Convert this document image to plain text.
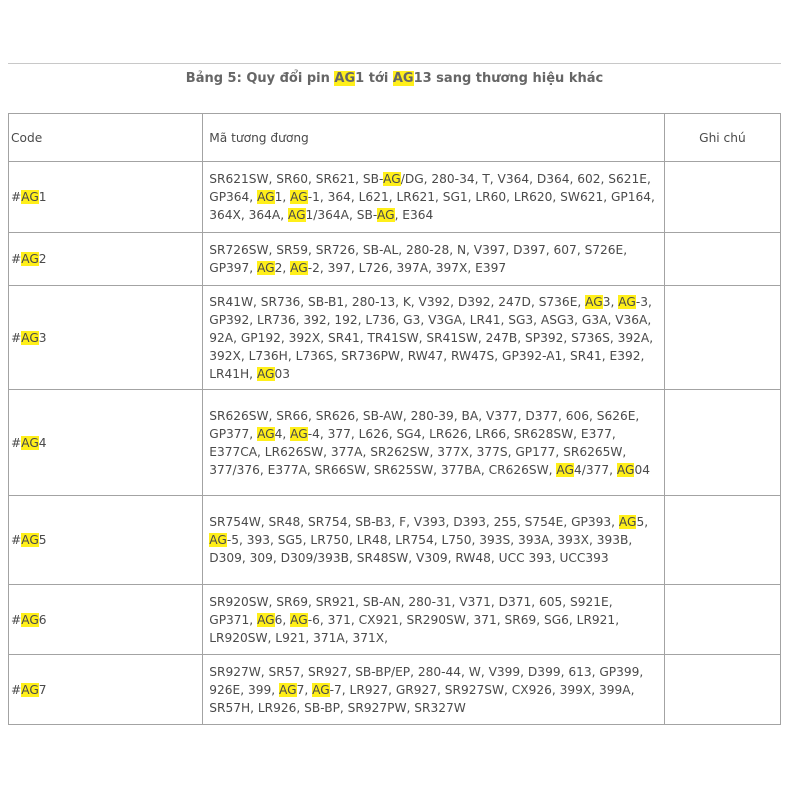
Bảng 5: Quy đổi pin AG1 tới AG13 sang thương hiệu khác
Code	Mã tương đương	Ghi chú
#AG1	SR621SW, SR60, SR621, SB-AG/DG, 280-34, T, V364, D364, 602, S621E, GP364, AG1, AG-1, 364, L621, LR621, SG1, LR60, LR620, SW621, GP164, 364X, 364A, AG1/364A, SB-AG, E364	
#AG2	SR726SW, SR59, SR726, SB-AL, 280-28, N, V397, D397, 607, S726E, GP397, AG2, AG-2, 397, L726, 397A, 397X, E397	
#AG3	SR41W, SR736, SB-B1, 280-13, K, V392, D392, 247D, S736E, AG3, AG-3, GP392, LR736, 392, 192, L736, G3, V3GA, LR41, SG3, ASG3, G3A, V36A, 92A, GP192, 392X, SR41, TR41SW, SR41SW, 247B, SP392, S736S, 392A, 392X, L736H, L736S, SR736PW, RW47, RW47S, GP392-A1, SR41, E392, LR41H, AG03	
#AG4	SR626SW, SR66, SR626, SB-AW, 280-39, BA, V377, D377, 606, S626E, GP377, AG4, AG-4, 377, L626, SG4, LR626, LR66, SR628SW, E377, E377CA, LR626SW, 377A, SR262SW, 377X, 377S, GP177, SR6265W, 377/376, E377A, SR66SW, SR625SW, 377BA, CR626SW, AG4/377, AG04	
#AG5	SR754W, SR48, SR754, SB-B3, F, V393, D393, 255, S754E, GP393, AG5, AG-5, 393, SG5, LR750, LR48, LR754, L750, 393S, 393A, 393X, 393B, D309, 309, D309/393B, SR48SW, V309, RW48, UCC 393, UCC393	
#AG6	SR920SW, SR69, SR921, SB-AN, 280-31, V371, D371, 605, S921E, GP371, AG6, AG-6, 371, CX921, SR290SW, 371, SR69, SG6, LR921, LR920SW, L921, 371A, 371X,	
#AG7	SR927W, SR57, SR927, SB-BP/EP, 280-44, W, V399, D399, 613, GP399, 926E, 399, AG7, AG-7, LR927, GR927, SR927SW, CX926, 399X, 399A, SR57H, LR926, SB-BP, SR927PW, SR327W	
